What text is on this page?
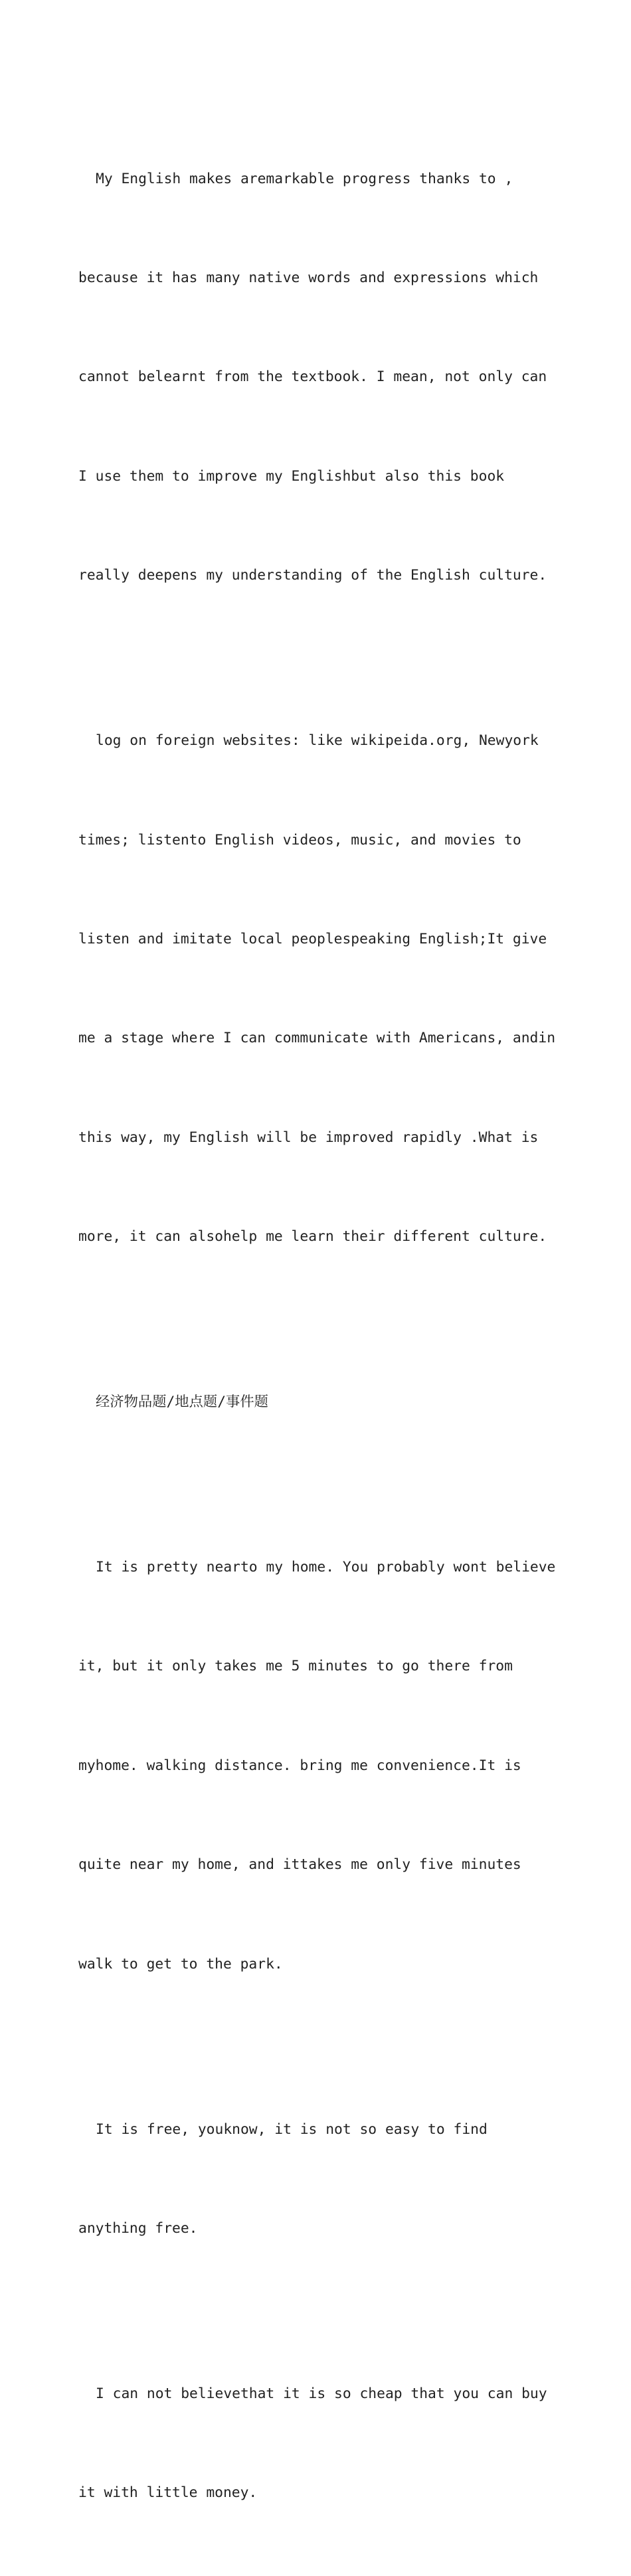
My English makes aremarkable progress thanks to ,

because it has many native words and expressions which

cannot belearnt from the textbook. I mean, not only can

I use them to improve my Englishbut also this book

really deepens my understanding of the English culture.

log on foreign websites: like wikipeida.org, Newyork

times; listento English videos, music, and movies to

listen and imitate local peoplespeaking English;It give

me a stage where I can communicate with Americans, andin

this way, my English will be improved rapidly .What is

more, it can alsohelp me learn their different culture.

经济物品题/地点题/事件题

It is pretty nearto my home. You probably wont believe

it, but it only takes me 5 minutes to go there from

myhome. walking distance. bring me convenience.It is

quite near my home, and ittakes me only five minutes

walk to get to the park.

It is free, youknow, it is not so easy to find

anything free.

I can not believethat it is so cheap that you can buy

it with little money.
